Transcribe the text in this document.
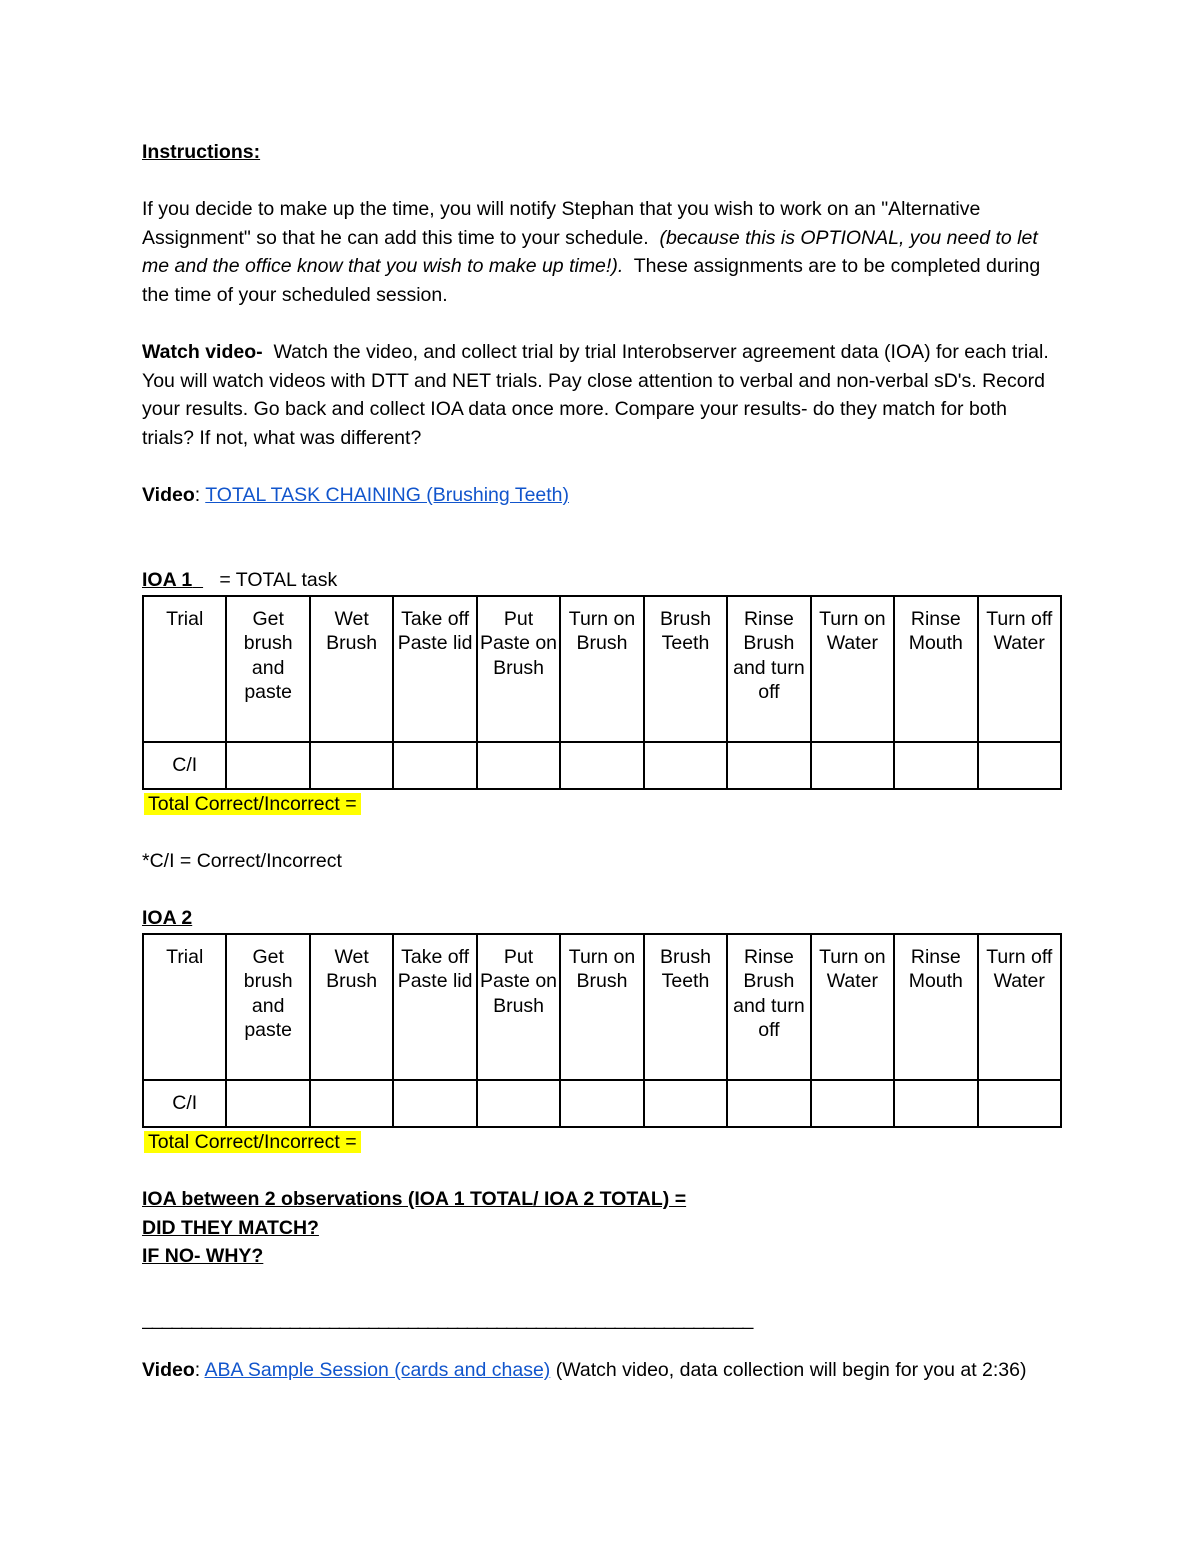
Instructions:

If you decide to make up the time, you will notify Stephan that you wish to work on an "Alternative Assignment" so that he can add this time to your schedule. (because this is OPTIONAL, you need to let me and the office know that you wish to make up time!). These assignments are to be completed during the time of your scheduled session.

Watch video- Watch the video, and collect trial by trial Interobserver agreement data (IOA) for each trial. You will watch videos with DTT and NET trials. Pay close attention to verbal and non-verbal sD's. Record your results. Go back and collect IOA data once more. Compare your results- do they match for both trials? If not, what was different?

Video: TOTAL TASK CHAINING (Brushing Teeth)

IOA 1 = TOTAL task

Trial	Get brush and paste	Wet Brush	Take off Paste lid	Put Paste on Brush	Turn on Brush	Brush Teeth	Rinse Brush and turn off	Turn on Water	Rinse Mouth	Turn off Water
C/I										

Total Correct/Incorrect =

*C/I = Correct/Incorrect

IOA 2

Trial	Get brush and paste	Wet Brush	Take off Paste lid	Put Paste on Brush	Turn on Brush	Brush Teeth	Rinse Brush and turn off	Turn on Water	Rinse Mouth	Turn off Water
C/I										

Total Correct/Incorrect =

IOA between 2 observations (IOA 1 TOTAL/ IOA 2 TOTAL) =

DID THEY MATCH?

IF NO- WHY?

______________________________________________________________

Video: ABA Sample Session (cards and chase) (Watch video, data collection will begin for you at 2:36)
